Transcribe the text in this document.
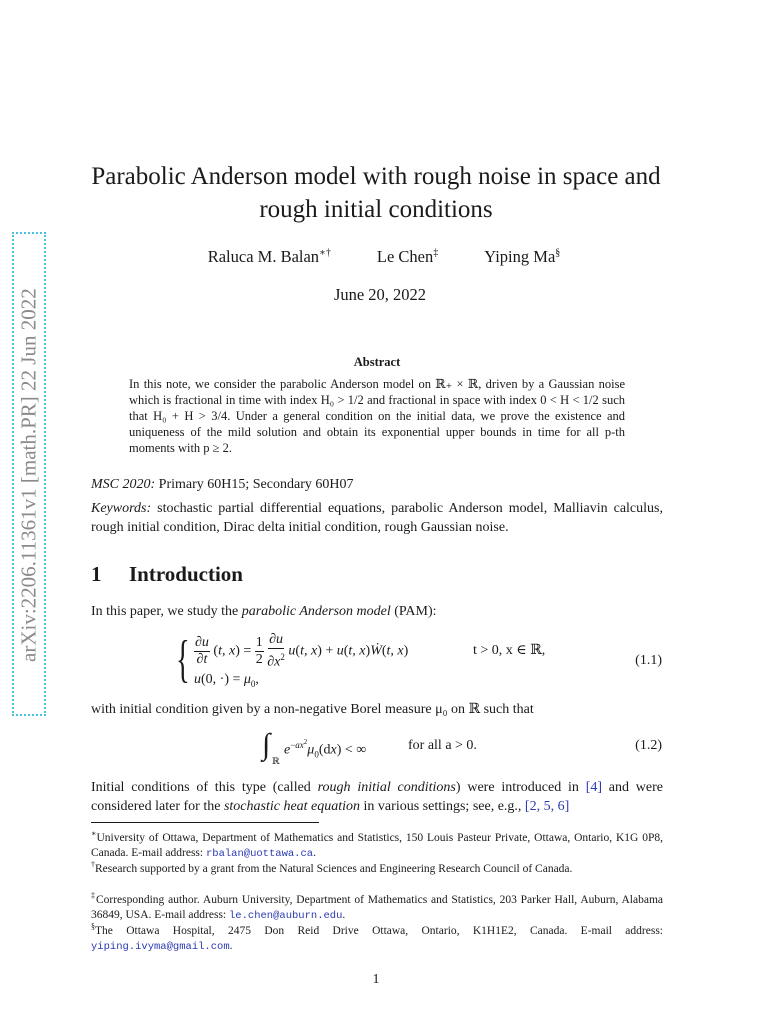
arXiv:2206.11361v1 [math.PR] 22 Jun 2022
Parabolic Anderson model with rough noise in space and rough initial conditions
Raluca M. Balan∗†	Le Chen‡	Yiping Ma§
June 20, 2022
Abstract
In this note, we consider the parabolic Anderson model on ℝ₊ × ℝ, driven by a Gaussian noise which is fractional in time with index H₀ > 1/2 and fractional in space with index 0 < H < 1/2 such that H₀ + H > 3/4. Under a general condition on the initial data, we prove the existence and uniqueness of the mild solution and obtain its exponential upper bounds in time for all p-th moments with p ≥ 2.
MSC 2020: Primary 60H15; Secondary 60H07
Keywords: stochastic partial differential equations, parabolic Anderson model, Malliavin calculus, rough initial condition, Dirac delta initial condition, rough Gaussian noise.
1 Introduction
In this paper, we study the parabolic Anderson model (PAM):
{ $\frac{\partial u}{\partial t} (t$, $x) = \frac{1}{2}$
$\frac{\partial u}{\partial x^2} u(t$, x) + u(t, x)Ẇ(t, x)
u(0, ·) = $\mu_0$,
t > 0, x ∈ ℝ,
(1.1)
with initial condition given by a non-negative Borel measure μ₀ on ℝ such that
∫ ℝ
$e^{-ax^2}\mu_0(dx)$ < ∞	for all a > 0.	(1.2)
Initial conditions of this type (called rough initial conditions) were introduced in [4] and were considered later for the stochastic heat equation in various settings; see, e.g., [2, 5, 6]
∗University of Ottawa, Department of Mathematics and Statistics, 150 Louis Pasteur Private, Ottawa, Ontario, K1G 0P8, Canada. E-mail address: rbalan@uottawa.ca.
†Research supported by a grant from the Natural Sciences and Engineering Research Council of Canada.
‡Corresponding author. Auburn University, Department of Mathematics and Statistics, 203 Parker Hall, Auburn, Alabama 36849, USA. E-mail address: le.chen@auburn.edu.
§The Ottawa Hospital, 2475 Don Reid Drive Ottawa, Ontario, K1H1E2, Canada. E-mail address: yiping.ivyma@gmail.com.
1
